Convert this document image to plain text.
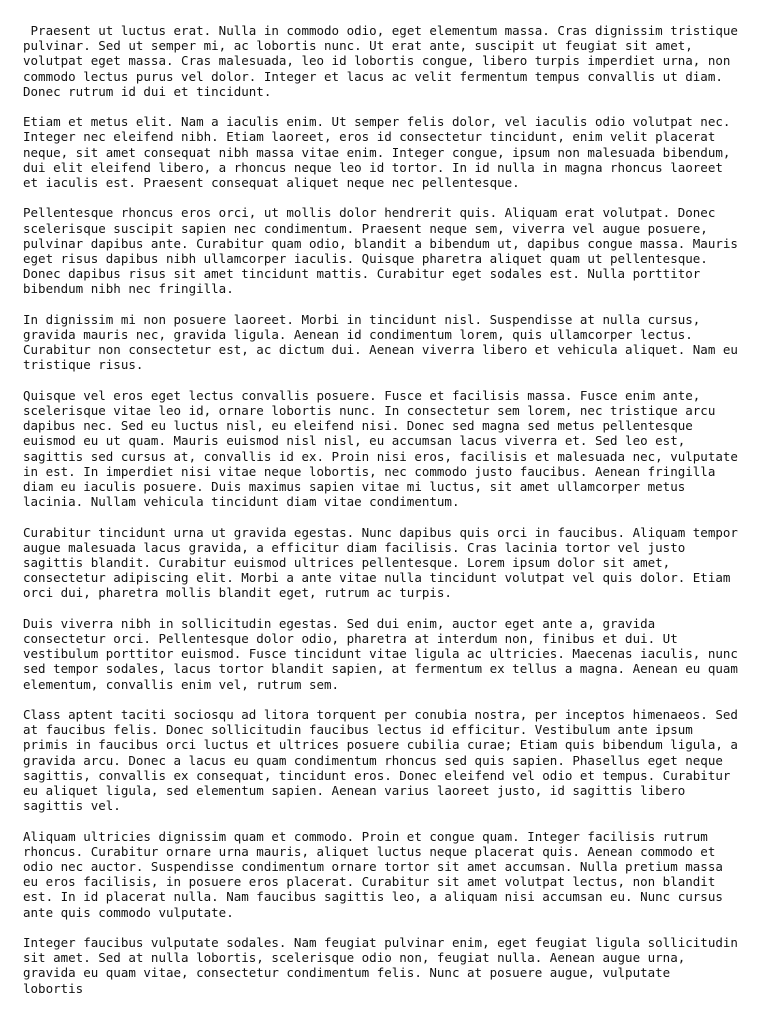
Praesent ut luctus erat. Nulla in commodo odio, eget elementum massa. Cras dignissim tristique
pulvinar. Sed ut semper mi, ac lobortis nunc. Ut erat ante, suscipit ut feugiat sit amet,
volutpat eget massa. Cras malesuada, leo id lobortis congue, libero turpis imperdiet urna, non
commodo lectus purus vel dolor. Integer et lacus ac velit fermentum tempus convallis ut diam.
Donec rutrum id dui et tincidunt.

Etiam et metus elit. Nam a iaculis enim. Ut semper felis dolor, vel iaculis odio volutpat nec.
Integer nec eleifend nibh. Etiam laoreet, eros id consectetur tincidunt, enim velit placerat
neque, sit amet consequat nibh massa vitae enim. Integer congue, ipsum non malesuada bibendum,
dui elit eleifend libero, a rhoncus neque leo id tortor. In id nulla in magna rhoncus laoreet
et iaculis est. Praesent consequat aliquet neque nec pellentesque.

Pellentesque rhoncus eros orci, ut mollis dolor hendrerit quis. Aliquam erat volutpat. Donec
scelerisque suscipit sapien nec condimentum. Praesent neque sem, viverra vel augue posuere,
pulvinar dapibus ante. Curabitur quam odio, blandit a bibendum ut, dapibus congue massa. Mauris
eget risus dapibus nibh ullamcorper iaculis. Quisque pharetra aliquet quam ut pellentesque.
Donec dapibus risus sit amet tincidunt mattis. Curabitur eget sodales est. Nulla porttitor
bibendum nibh nec fringilla.

In dignissim mi non posuere laoreet. Morbi in tincidunt nisl. Suspendisse at nulla cursus,
gravida mauris nec, gravida ligula. Aenean id condimentum lorem, quis ullamcorper lectus.
Curabitur non consectetur est, ac dictum dui. Aenean viverra libero et vehicula aliquet. Nam eu
tristique risus.

Quisque vel eros eget lectus convallis posuere. Fusce et facilisis massa. Fusce enim ante,
scelerisque vitae leo id, ornare lobortis nunc. In consectetur sem lorem, nec tristique arcu
dapibus nec. Sed eu luctus nisl, eu eleifend nisi. Donec sed magna sed metus pellentesque
euismod eu ut quam. Mauris euismod nisl nisl, eu accumsan lacus viverra et. Sed leo est,
sagittis sed cursus at, convallis id ex. Proin nisi eros, facilisis et malesuada nec, vulputate
in est. In imperdiet nisi vitae neque lobortis, nec commodo justo faucibus. Aenean fringilla
diam eu iaculis posuere. Duis maximus sapien vitae mi luctus, sit amet ullamcorper metus
lacinia. Nullam vehicula tincidunt diam vitae condimentum.

Curabitur tincidunt urna ut gravida egestas. Nunc dapibus quis orci in faucibus. Aliquam tempor
augue malesuada lacus gravida, a efficitur diam facilisis. Cras lacinia tortor vel justo
sagittis blandit. Curabitur euismod ultrices pellentesque. Lorem ipsum dolor sit amet,
consectetur adipiscing elit. Morbi a ante vitae nulla tincidunt volutpat vel quis dolor. Etiam
orci dui, pharetra mollis blandit eget, rutrum ac turpis.

Duis viverra nibh in sollicitudin egestas. Sed dui enim, auctor eget ante a, gravida
consectetur orci. Pellentesque dolor odio, pharetra at interdum non, finibus et dui. Ut
vestibulum porttitor euismod. Fusce tincidunt vitae ligula ac ultricies. Maecenas iaculis, nunc
sed tempor sodales, lacus tortor blandit sapien, at fermentum ex tellus a magna. Aenean eu quam
elementum, convallis enim vel, rutrum sem.

Class aptent taciti sociosqu ad litora torquent per conubia nostra, per inceptos himenaeos. Sed
at faucibus felis. Donec sollicitudin faucibus lectus id efficitur. Vestibulum ante ipsum
primis in faucibus orci luctus et ultrices posuere cubilia curae; Etiam quis bibendum ligula, a
gravida arcu. Donec a lacus eu quam condimentum rhoncus sed quis sapien. Phasellus eget neque
sagittis, convallis ex consequat, tincidunt eros. Donec eleifend vel odio et tempus. Curabitur
eu aliquet ligula, sed elementum sapien. Aenean varius laoreet justo, id sagittis libero
sagittis vel.

Aliquam ultricies dignissim quam et commodo. Proin et congue quam. Integer facilisis rutrum
rhoncus. Curabitur ornare urna mauris, aliquet luctus neque placerat quis. Aenean commodo et
odio nec auctor. Suspendisse condimentum ornare tortor sit amet accumsan. Nulla pretium massa
eu eros facilisis, in posuere eros placerat. Curabitur sit amet volutpat lectus, non blandit
est. In id placerat nulla. Nam faucibus sagittis leo, a aliquam nisi accumsan eu. Nunc cursus
ante quis commodo vulputate.

Integer faucibus vulputate sodales. Nam feugiat pulvinar enim, eget feugiat ligula sollicitudin
sit amet. Sed at nulla lobortis, scelerisque odio non, feugiat nulla. Aenean augue urna,
gravida eu quam vitae, consectetur condimentum felis. Nunc at posuere augue, vulputate
lobortis
